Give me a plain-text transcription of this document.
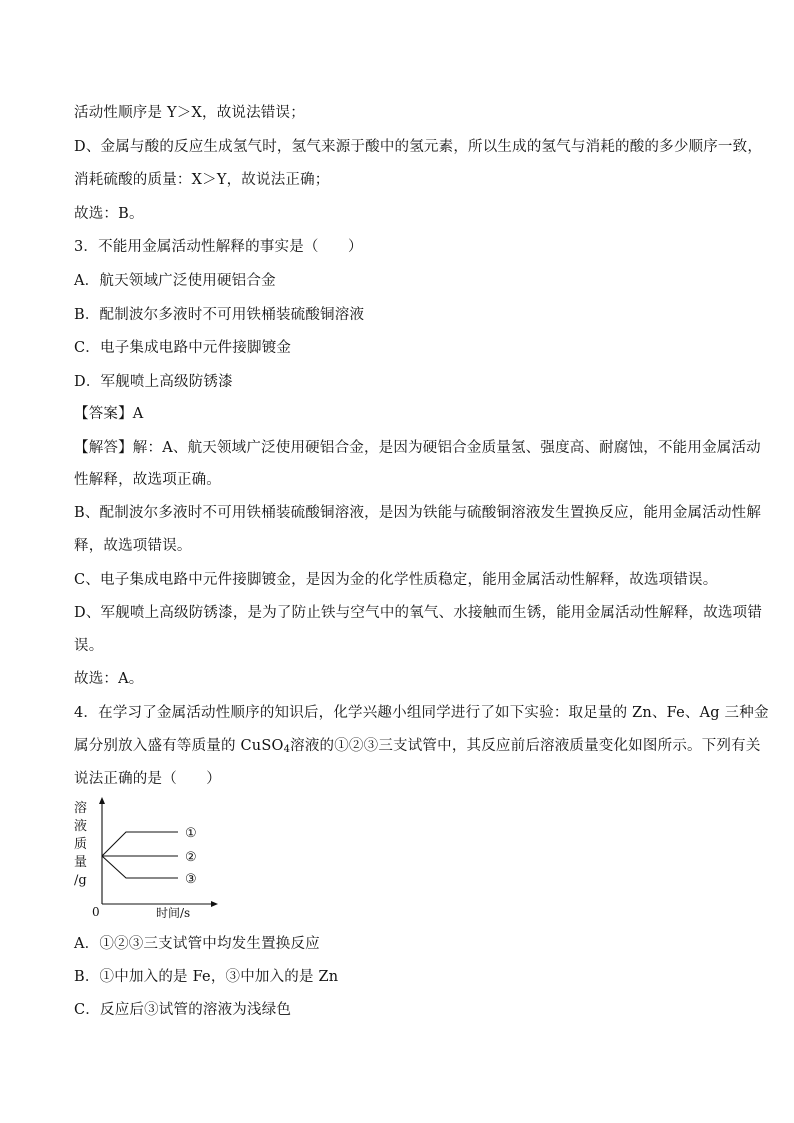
活动性顺序是 Y＞X，故说法错误；
D、金属与酸的反应生成氢气时，氢气来源于酸中的氢元素，所以生成的氢气与消耗的酸的多少顺序一致，
消耗硫酸的质量：X＞Y，故说法正确；
故选：B。
3．不能用金属活动性解释的事实是（　　）
A．航天领域广泛使用硬铝合金
B．配制波尔多液时不可用铁桶装硫酸铜溶液
C．电子集成电路中元件接脚镀金
D．军舰喷上高级防锈漆
【答案】A
【解答】解：A、航天领域广泛使用硬铝合金，是因为硬铝合金质量氢、强度高、耐腐蚀，不能用金属活动
性解释，故选项正确。
B、配制波尔多液时不可用铁桶装硫酸铜溶液，是因为铁能与硫酸铜溶液发生置换反应，能用金属活动性解
释，故选项错误。
C、电子集成电路中元件接脚镀金，是因为金的化学性质稳定，能用金属活动性解释，故选项错误。
D、军舰喷上高级防锈漆，是为了防止铁与空气中的氧气、水接触而生锈，能用金属活动性解释，故选项错
误。
故选：A。
4．在学习了金属活动性顺序的知识后，化学兴趣小组同学进行了如下实验：取足量的 Zn、Fe、Ag 三种金
属分别放入盛有等质量的 CuSO$_4$溶液的①②③三支试管中，其反应前后溶液质量变化如图所示。下列有关
说法正确的是（　　）
溶
液
质
量
/g
0	时间/s
①
②
③
A．①②③三支试管中均发生置换反应
B．①中加入的是 Fe，③中加入的是 Zn
C．反应后③试管的溶液为浅绿色
